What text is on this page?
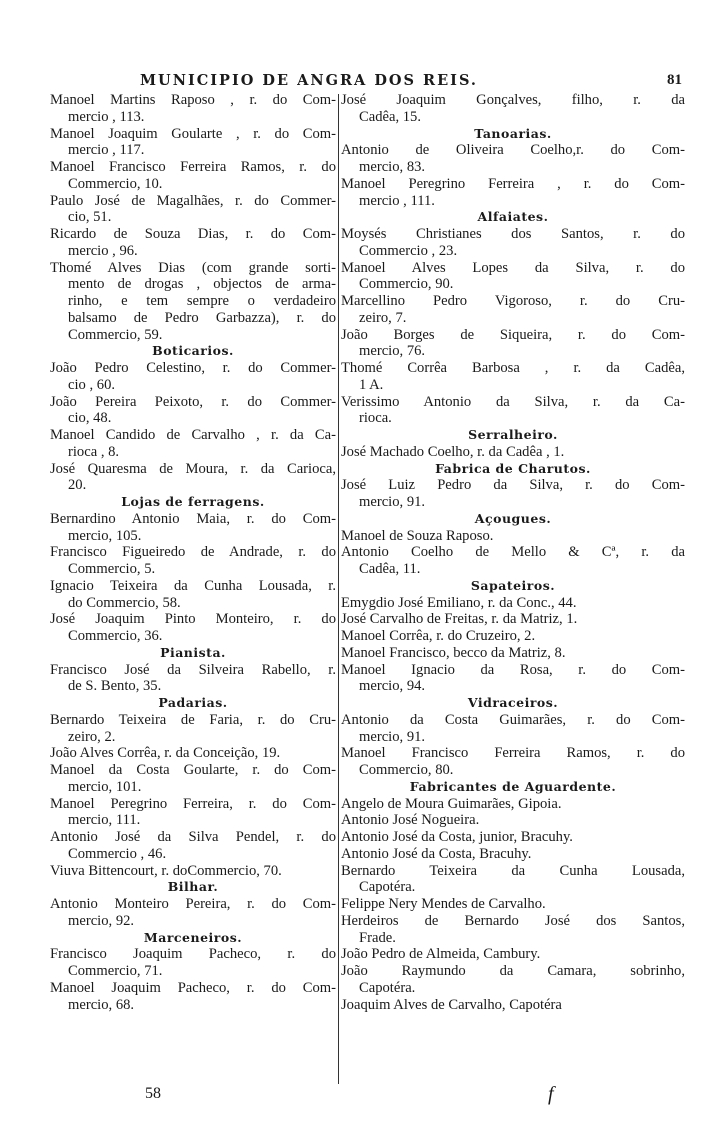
MUNICIPIO DE ANGRA DOS REIS.	81
Manoel Martins Raposo , r. do Com-
mercio , 113.
Manoel Joaquim Goularte , r. do Com-
mercio , 117.
Manoel Francisco Ferreira Ramos, r. do
Commercio, 10.
Paulo José de Magalhães, r. do Commer-
cio, 51.
Ricardo de Souza Dias, r. do Com-
mercio , 96.
Thomé Alves Dias (com grande sorti-
mento de drogas , objectos de arma-
rinho, e tem sempre o verdadeiro
balsamo de Pedro Garbazza), r. do
Commercio, 59.
Boticarios.
João Pedro Celestino, r. do Commer-
cio , 60.
João Pereira Peixoto, r. do Commer-
cio, 48.
Manoel Candido de Carvalho , r. da Ca-
rioca , 8.
José Quaresma de Moura, r. da Carioca,
20.
Lojas de ferragens.
Bernardino Antonio Maia, r. do Com-
mercio, 105.
Francisco Figueiredo de Andrade, r. do
Commercio, 5.
Ignacio Teixeira da Cunha Lousada, r.
do Commercio, 58.
José Joaquim Pinto Monteiro, r. do
Commercio, 36.
Pianista.
Francisco José da Silveira Rabello, r.
de S. Bento, 35.
Padarias.
Bernardo Teixeira de Faria, r. do Cru-
zeiro, 2.
João Alves Corrêa, r. da Conceição, 19.
Manoel da Costa Goularte, r. do Com-
mercio, 101.
Manoel Peregrino Ferreira, r. do Com-
mercio, 111.
Antonio José da Silva Pendel, r. do
Commercio , 46.
Viuva Bittencourt, r. doCommercio, 70.
Bilhar.
Antonio Monteiro Pereira, r. do Com-
mercio, 92.
Marceneiros.
Francisco Joaquim Pacheco, r. do
Commercio, 71.
Manoel Joaquim Pacheco, r. do Com-
mercio, 68.
José Joaquim Gonçalves, filho, r. da
Cadêa, 15.
Tanoarias.
Antonio de Oliveira Coelho,r. do Com-
mercio, 83.
Manoel Peregrino Ferreira , r. do Com-
mercio , 111.
Alfaiates.
Moysés Christianes dos Santos, r. do
Commercio , 23.
Manoel Alves Lopes da Silva, r. do
Commercio, 90.
Marcellino Pedro Vigoroso, r. do Cru-
zeiro, 7.
João Borges de Siqueira, r. do Com-
mercio, 76.
Thomé Corrêa Barbosa , r. da Cadêa,
1 A.
Verissimo Antonio da Silva, r. da Ca-
rioca.
Serralheiro.
José Machado Coelho, r. da Cadêa , 1.
Fabrica de Charutos.
José Luiz Pedro da Silva, r. do Com-
mercio, 91.
Açougues.
Manoel de Souza Raposo.
Antonio Coelho de Mello & Cª, r. da
Cadêa, 11.
Sapateiros.
Emygdio José Emiliano, r. da Conc., 44.
José Carvalho de Freitas, r. da Matriz, 1.
Manoel Corrêa, r. do Cruzeiro, 2.
Manoel Francisco, becco da Matriz, 8.
Manoel Ignacio da Rosa, r. do Com-
mercio, 94.
Vidraceiros.
Antonio da Costa Guimarães, r. do Com-
mercio, 91.
Manoel Francisco Ferreira Ramos, r. do
Commercio, 80.
Fabricantes de Aguardente.
Angelo de Moura Guimarães, Gipoia.
Antonio José Nogueira.
Antonio José da Costa, junior, Bracuhy.
Antonio José da Costa, Bracuhy.
Bernardo Teixeira da Cunha Lousada,
Capotéra.
Felippe Nery Mendes de Carvalho.
Herdeiros de Bernardo José dos Santos,
Frade.
João Pedro de Almeida, Cambury.
João Raymundo da Camara, sobrinho,
Capotéra.
Joaquim Alves de Carvalho, Capotéra
58	f
